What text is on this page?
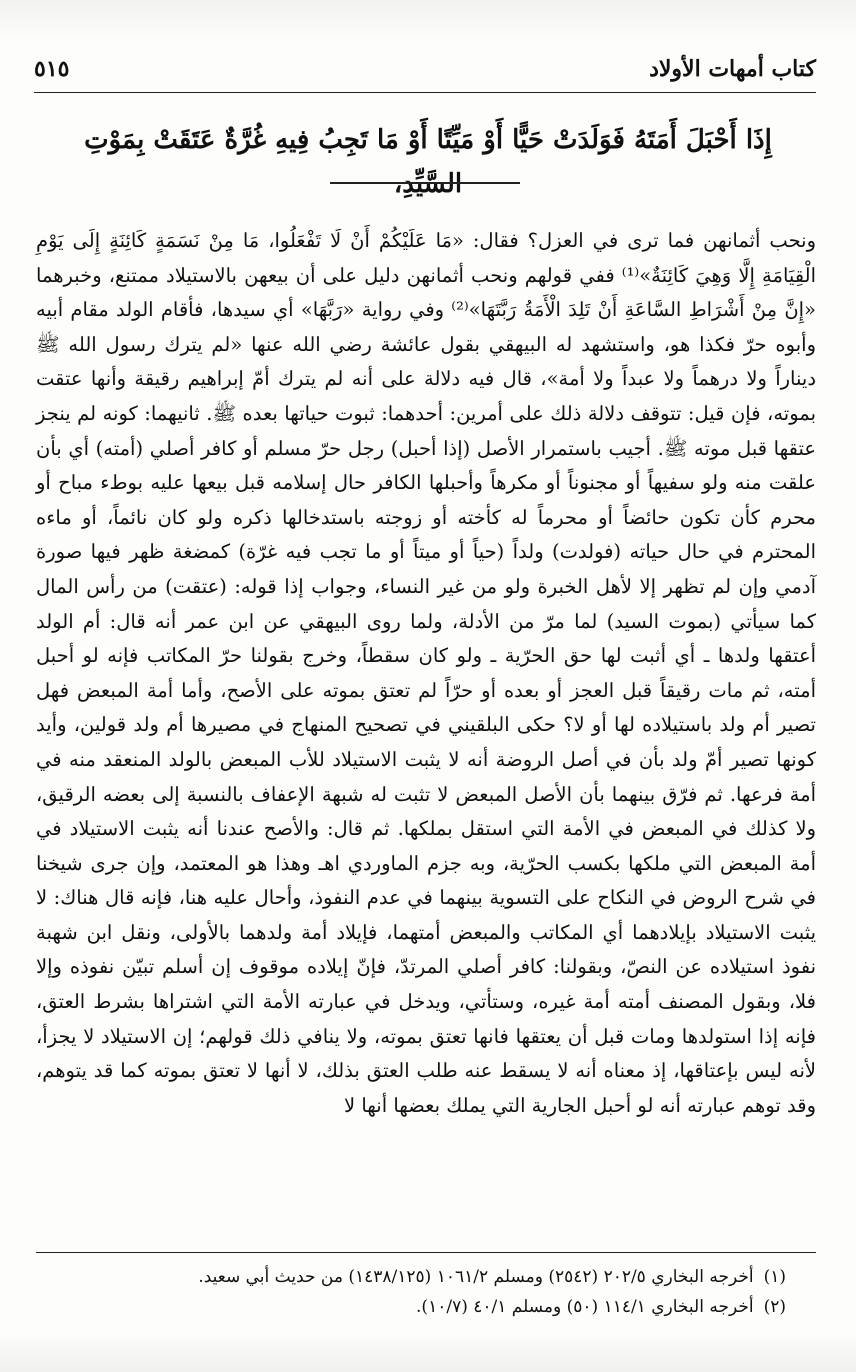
كتاب أمهات الأولاد
٥١٥
إِذَا أَحْبَلَ أَمَتَهُ فَوَلَدَتْ حَيًّا أَوْ مَيِّتًا أَوْ مَا تَجِبُ فِيهِ غُرَّةٌ عَتَقَتْ بِمَوْتِ السَّيِّدِ،

ونحب أثمانهن فما ترى في العزل؟ فقال: «مَا عَلَيْكُمْ أَنْ لَا تَفْعَلُوا، مَا مِنْ نَسَمَةٍ كَائِنَةٍ إِلَى يَوْمِ الْقِيَامَةِ إِلَّا وَهِيَ كَائِنَةٌ»⁽¹⁾ ففي قولهم ونحب أثمانهن دليل على أن بيعهن بالاستيلاد ممتنع، وخبرهما «إِنَّ مِنْ أَشْرَاطِ السَّاعَةِ أَنْ تَلِدَ الْأَمَةُ رَبَّتَهَا»⁽²⁾ وفي رواية «رَبَّهَا» أي سيدها، فأقام الولد مقام أبيه وأبوه حرّ فكذا هو، واستشهد له البيهقي بقول عائشة رضي الله عنها «لم يترك رسول الله ﷺ ديناراً ولا درهماً ولا عبداً ولا أمة»، قال فيه دلالة على أنه لم يترك أمّ إبراهيم رقيقة وأنها عتقت بموته، فإن قيل: تتوقف دلالة ذلك على أمرين: أحدهما: ثبوت حياتها بعده ﷺ. ثانيهما: كونه لم ينجز عتقها قبل موته ﷺ. أجيب باستمرار الأصل (إذا أحبل) رجل حرّ مسلم أو كافر أصلي (أمته) أي بأن علقت منه ولو سفيهاً أو مجنوناً أو مكرهاً وأحبلها الكافر حال إسلامه قبل بيعها عليه بوطء مباح أو محرم كأن تكون حائضاً أو محرماً له كأخته أو زوجته باستدخالها ذكره ولو كان نائماً، أو ماءه المحترم في حال حياته (فولدت) ولداً (حياً أو ميتاً أو ما تجب فيه غرّة) كمضغة ظهر فيها صورة آدمي وإن لم تظهر إلا لأهل الخبرة ولو من غير النساء، وجواب إذا قوله: (عتقت) من رأس المال كما سيأتي (بموت السيد) لما مرّ من الأدلة، ولما روى البيهقي عن ابن عمر أنه قال: أم الولد أعتقها ولدها ـ أي أثبت لها حق الحرّية ـ ولو كان سقطاً، وخرج بقولنا حرّ المكاتب فإنه لو أحبل أمته، ثم مات رقيقاً قبل العجز أو بعده أو حرّاً لم تعتق بموته على الأصح، وأما أمة المبعض فهل تصير أم ولد باستيلاده لها أو لا؟ حكى البلقيني في تصحيح المنهاج في مصيرها أم ولد قولين، وأيد كونها تصير أمّ ولد بأن في أصل الروضة أنه لا يثبت الاستيلاد للأب المبعض بالولد المنعقد منه في أمة فرعها. ثم فرّق بينهما بأن الأصل المبعض لا تثبت له شبهة الإعفاف بالنسبة إلى بعضه الرقيق، ولا كذلك في المبعض في الأمة التي استقل بملكها. ثم قال: والأصح عندنا أنه يثبت الاستيلاد في أمة المبعض التي ملكها بكسب الحرّية، وبه جزم الماوردي اهـ وهذا هو المعتمد، وإن جرى شيخنا في شرح الروض في النكاح على التسوية بينهما في عدم النفوذ، وأحال عليه هنا، فإنه قال هناك: لا يثبت الاستيلاد بإيلادهما أي المكاتب والمبعض أمتهما، فإيلاد أمة ولدهما بالأولى، ونقل ابن شهبة نفوذ استيلاده عن النصّ، وبقولنا: كافر أصلي المرتدّ، فإنّ إيلاده موقوف إن أسلم تبيّن نفوذه وإلا فلا، وبقول المصنف أمته أمة غيره، وستأتي، ويدخل في عبارته الأمة التي اشتراها بشرط العتق، فإنه إذا استولدها ومات قبل أن يعتقها فانها تعتق بموته، ولا ينافي ذلك قولهم؛ إن الاستيلاد لا يجزأ، لأنه ليس بإعتاقها، إذ معناه أنه لا يسقط عنه طلب العتق بذلك، لا أنها لا تعتق بموته كما قد يتوهم، وقد توهم عبارته أنه لو أحبل الجارية التي يملك بعضها أنها لا

(١)
أخرجه البخاري ٢٠٢/٥ (٢٥٤٢) ومسلم ١٠٦١/٢ (١٤٣٨/١٢٥) من حديث أبي سعيد.
(٢)
أخرجه البخاري ١١٤/١ (٥٠) ومسلم ٤٠/١ (١٠/٧).
